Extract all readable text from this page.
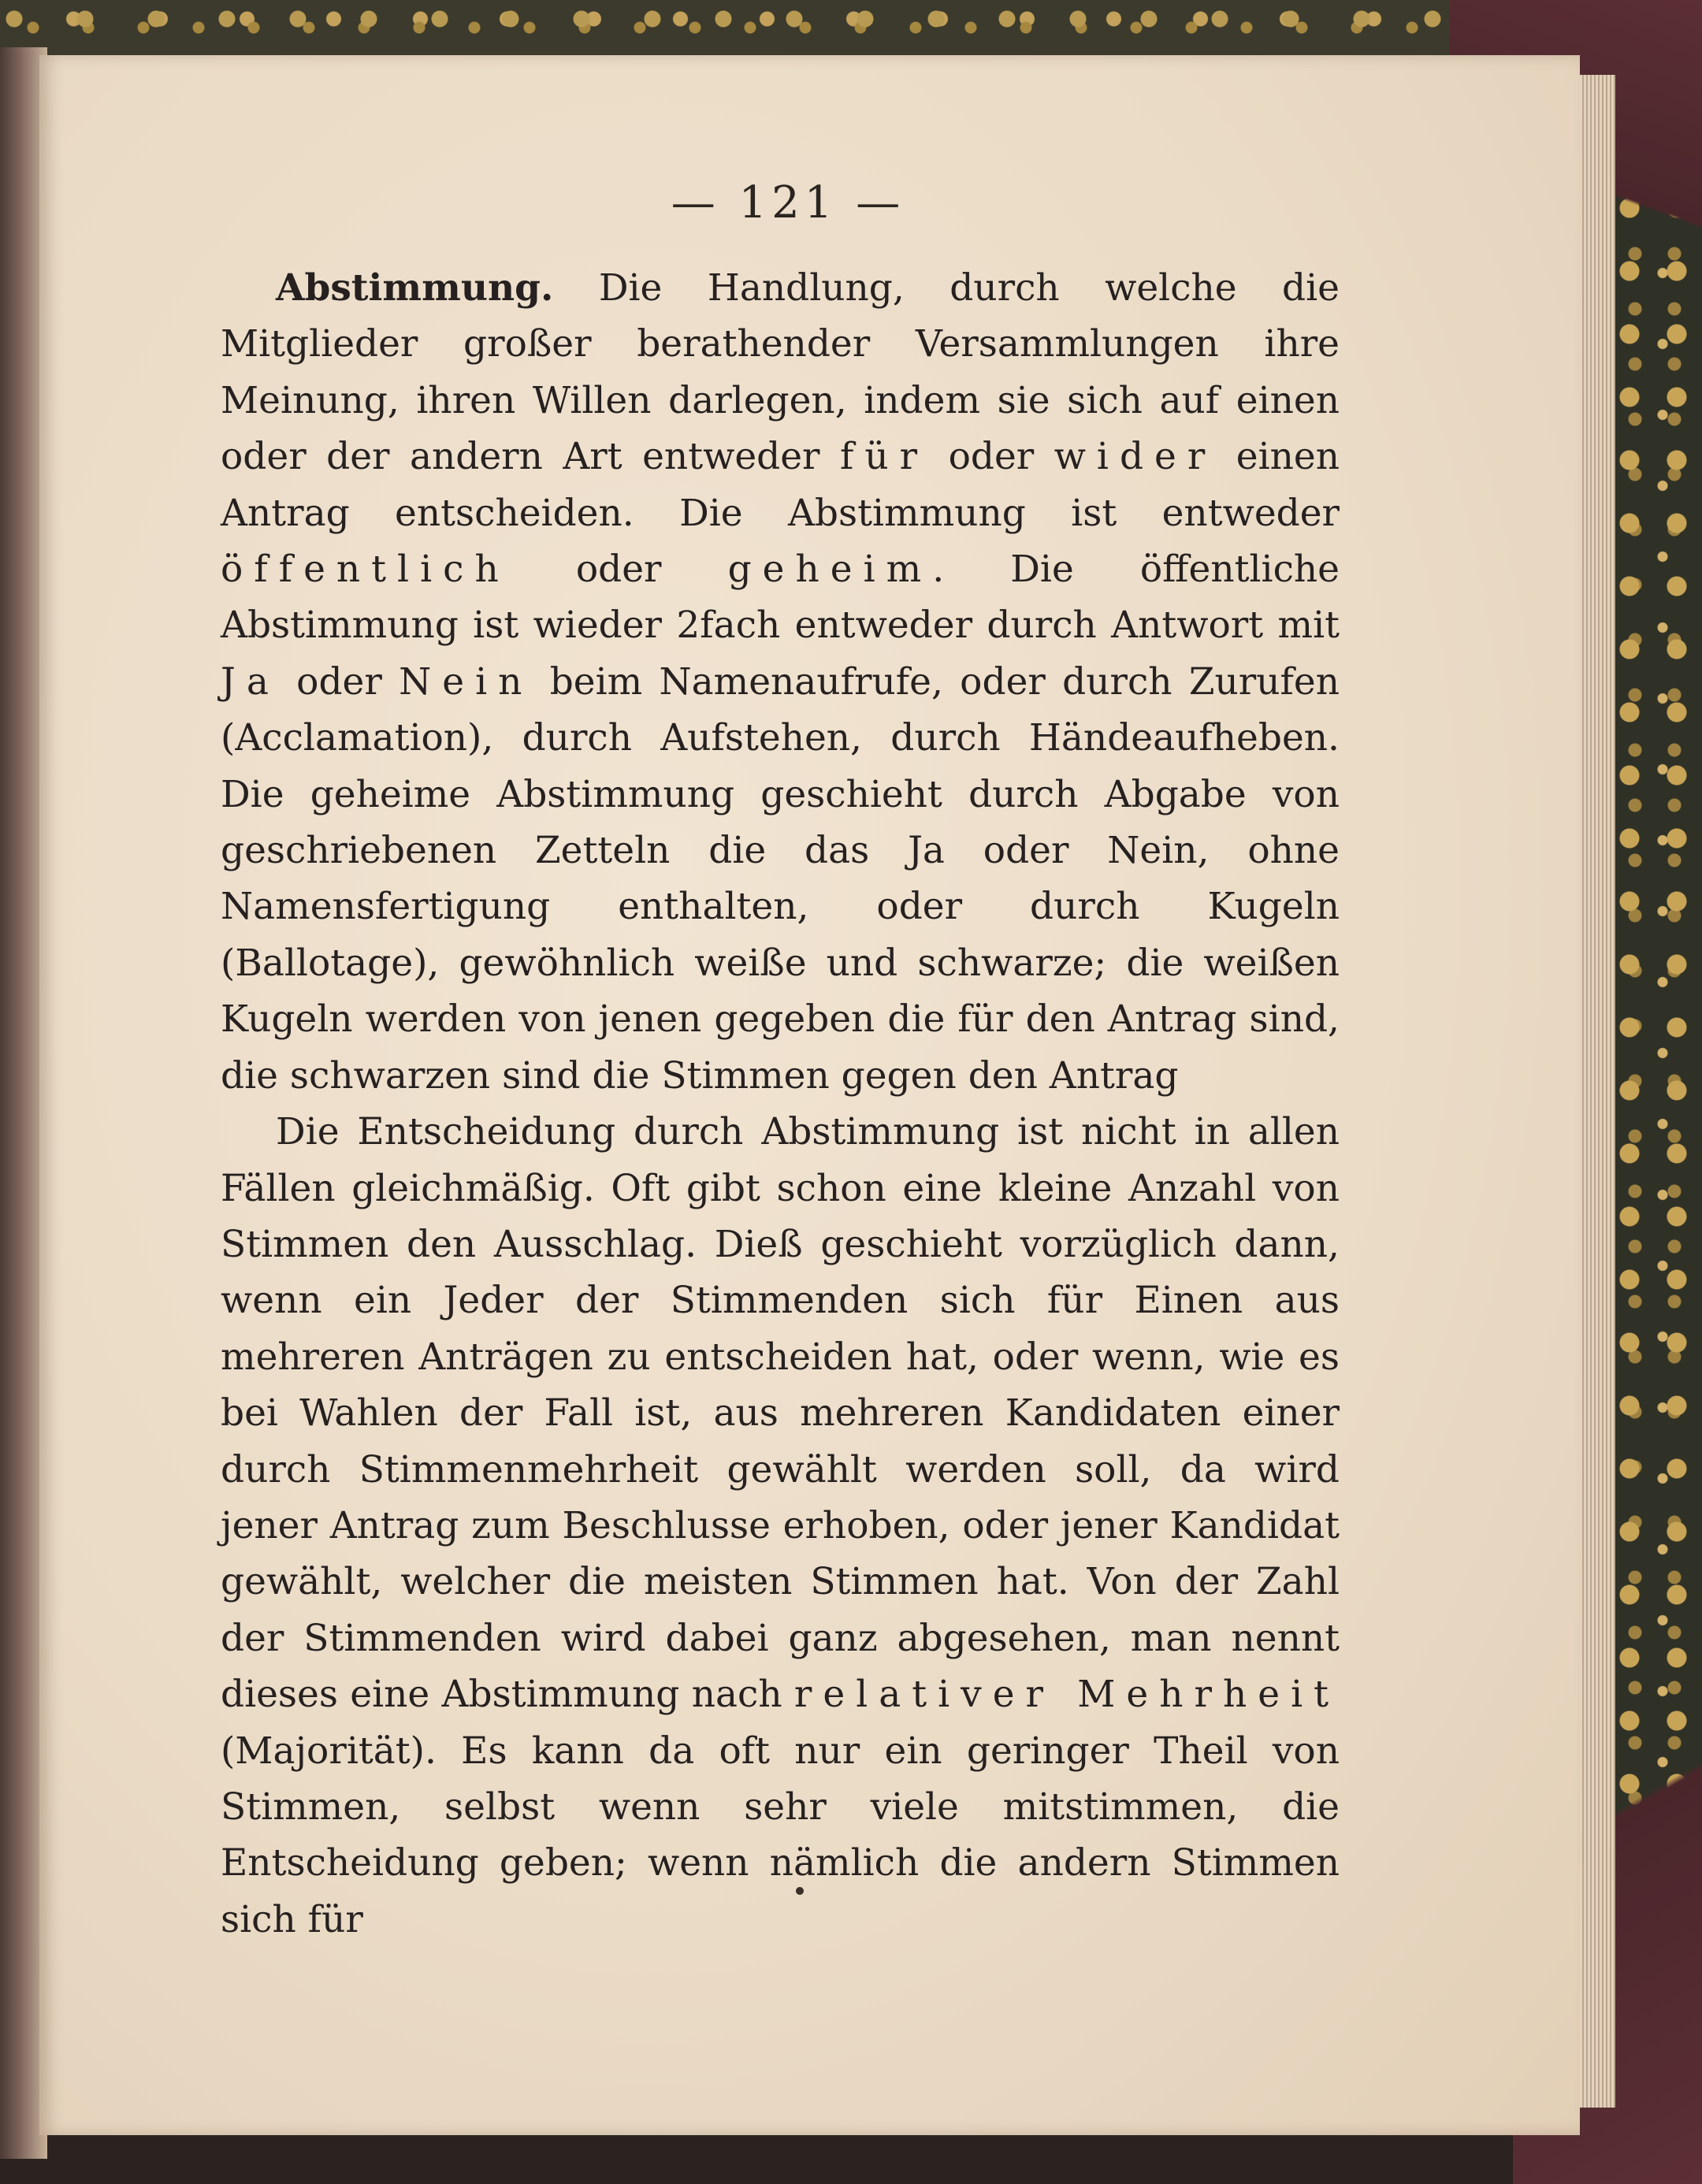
— 121 —

Abstimmung. Die Handlung, durch welche die Mitglieder großer berathender Versammlungen ihre Meinung, ihren Willen darlegen, indem sie sich auf einen oder der andern Art entweder für oder wider einen Antrag entscheiden. Die Abstimmung ist entweder öffentlich oder geheim. Die öffentliche Abstimmung ist wieder 2fach entweder durch Antwort mit Ja oder Nein beim Namenaufrufe, oder durch Zurufen (Acclamation), durch Aufstehen, durch Händeaufheben. Die geheime Abstimmung geschieht durch Abgabe von geschriebenen Zetteln die das Ja oder Nein, ohne Namensfertigung enthalten, oder durch Kugeln (Ballotage), gewöhnlich weiße und schwarze; die weißen Kugeln werden von jenen gegeben die für den Antrag sind, die schwarzen sind die Stimmen gegen den Antrag

Die Entscheidung durch Abstimmung ist nicht in allen Fällen gleichmäßig. Oft gibt schon eine kleine Anzahl von Stimmen den Ausschlag. Dieß geschieht vorzüglich dann, wenn ein Jeder der Stimmenden sich für Einen aus mehreren Anträgen zu entscheiden hat, oder wenn, wie es bei Wahlen der Fall ist, aus mehreren Kandidaten einer durch Stimmenmehrheit gewählt werden soll, da wird jener Antrag zum Beschlusse erhoben, oder jener Kandidat gewählt, welcher die meisten Stimmen hat. Von der Zahl der Stimmenden wird dabei ganz abgesehen, man nennt dieses eine Abstimmung nach relativer Mehrheit (Majorität). Es kann da oft nur ein geringer Theil von Stimmen, selbst wenn sehr viele mitstimmen, die Entscheidung geben; wenn nämlich die andern Stimmen sich für
